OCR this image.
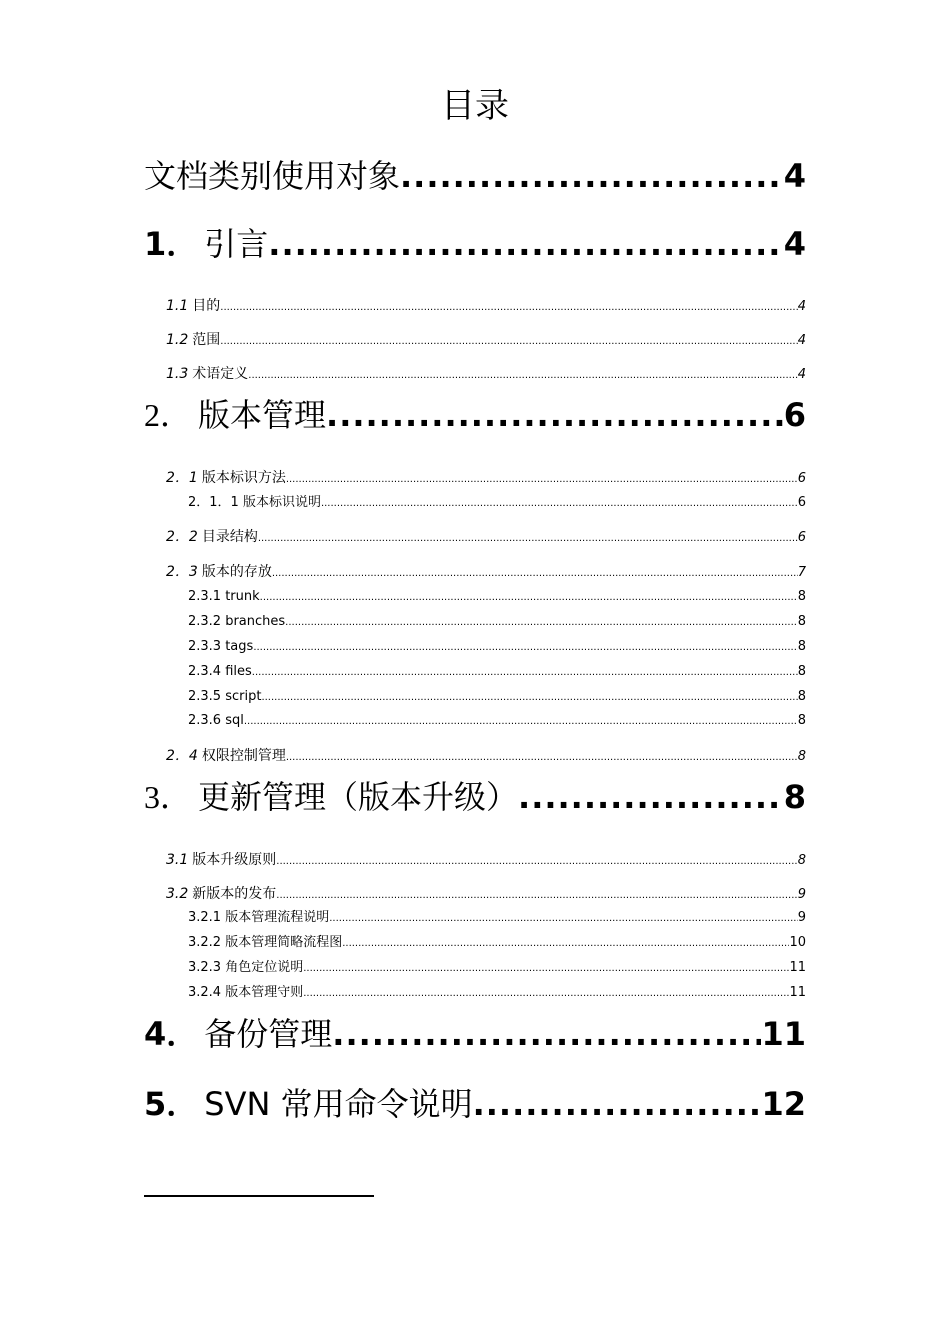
目录
文档类别使用对象 .....	4
1． 引言 .....	4
1.1 目的 .....	4
1.2 范围 .....	4
1.3 术语定义 .....	4
2． 版本管理 .....	6
2．1 版本标识方法 .....	6
2．1．1 版本标识说明 .....	6
2．2 目录结构 .....	6
2．3 版本的存放 .....	7
2.3.1 trunk .....	8
2.3.2 branches .....	8
2.3.3 tags .....	8
2.3.4 files .....	8
2.3.5 script .....	8
2.3.6 sql .....	8
2．4 权限控制管理 .....	8
3． 更新管理（版本升级） .....	8
3.1 版本升级原则 .....	8
3.2 新版本的发布 .....	9
3.2.1 版本管理流程说明 .....	9
3.2.2 版本管理简略流程图 .....	10
3.2.3 角色定位说明 .....	11
3.2.4 版本管理守则 .....	11
4． 备份管理 .....	11
5． SVN 常用命令说明 .....	12
